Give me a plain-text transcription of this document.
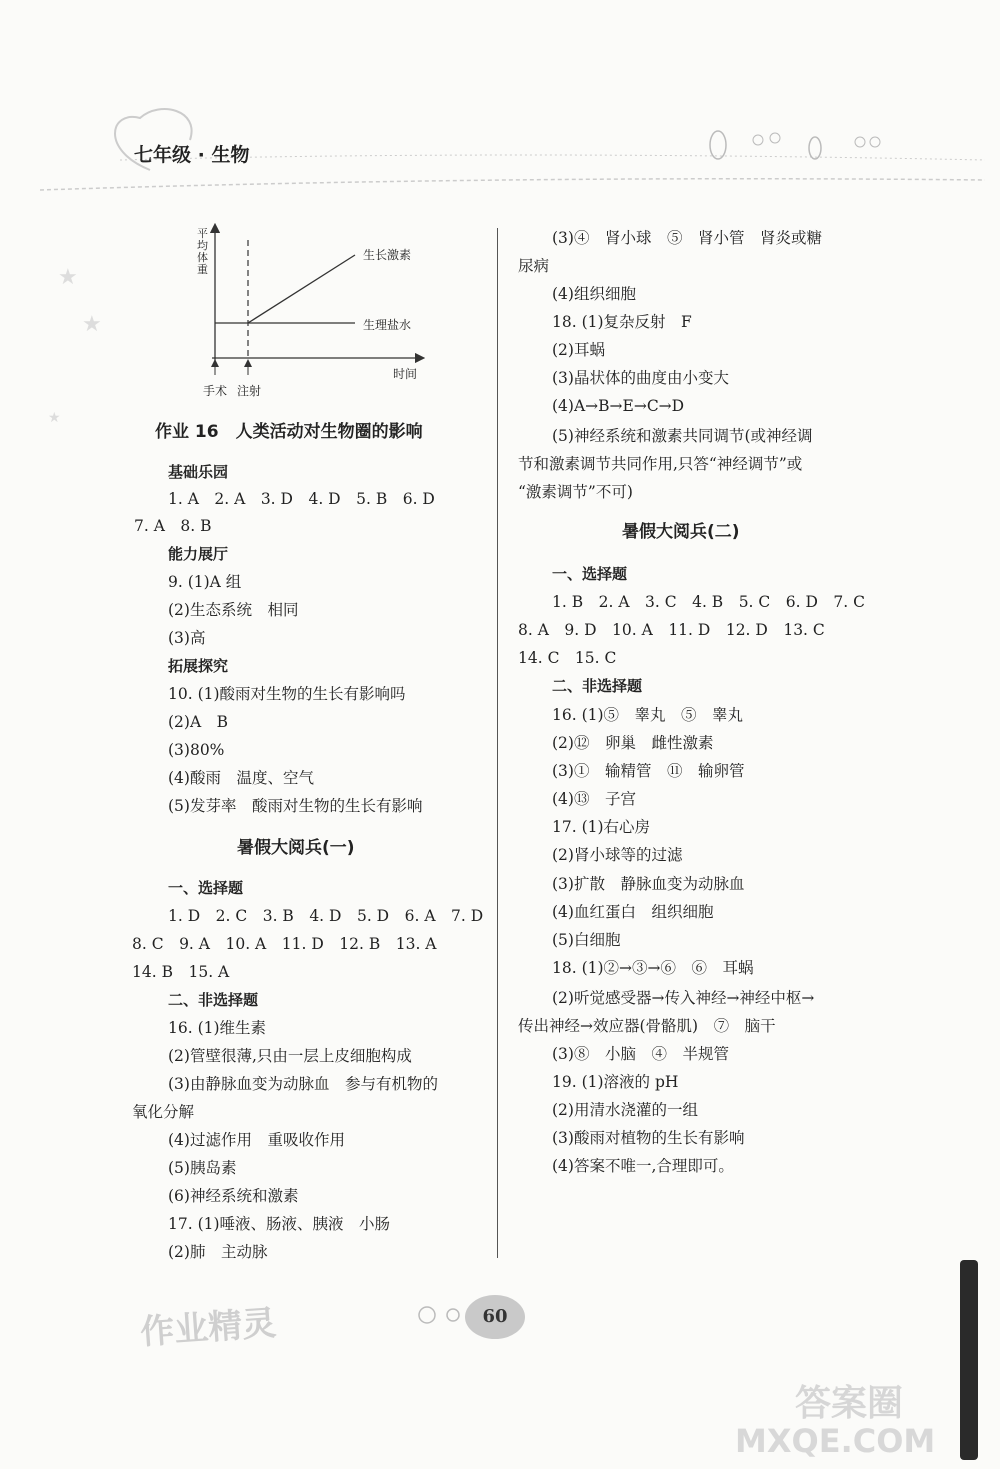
七年级 · 生物
★
★
★
平均体重
生长激素
生理盐水
时间
手术 注射
作业 16　人类活动对生物圈的影响
基础乐园
1. A　2. A　3. D　4. D　5. B　6. D
7. A　8. B
能力展厅
9. (1)A 组
(2)生态系统　相同
(3)高
拓展探究
10. (1)酸雨对生物的生长有影响吗
(2)A　B
(3)80%
(4)酸雨　温度、空气
(5)发芽率　酸雨对生物的生长有影响
暑假大阅兵(一)
一、选择题
1. D　2. C　3. B　4. D　5. D　6. A　7. D
8. C　9. A　10. A　11. D　12. B　13. A
14. B　15. A
二、非选择题
16. (1)维生素
(2)管壁很薄,只由一层上皮细胞构成
(3)由静脉血变为动脉血　参与有机物的
氧化分解
(4)过滤作用　重吸收作用
(5)胰岛素
(6)神经系统和激素
17. (1)唾液、肠液、胰液　小肠
(2)肺　主动脉
(3)④　肾小球　⑤　肾小管　肾炎或糖
尿病
(4)组织细胞
18. (1)复杂反射　F
(2)耳蜗
(3)晶状体的曲度由小变大
(4)A→B→E→C→D
(5)神经系统和激素共同调节(或神经调
节和激素调节共同作用,只答“神经调节”或
“激素调节”不可)
暑假大阅兵(二)
一、选择题
1. B　2. A　3. C　4. B　5. C　6. D　7. C
8. A　9. D　10. A　11. D　12. D　13. C
14. C　15. C
二、非选择题
16. (1)⑤　睾丸　⑤　睾丸
(2)⑫　卵巢　雌性激素
(3)①　输精管　⑪　输卵管
(4)⑬　子宫
17. (1)右心房
(2)肾小球等的过滤
(3)扩散　静脉血变为动脉血
(4)血红蛋白　组织细胞
(5)白细胞
18. (1)②→③→⑥　⑥　耳蜗
(2)听觉感受器→传入神经→神经中枢→
传出神经→效应器(骨骼肌)　⑦　脑干
(3)⑧　小脑　④　半规管
19. (1)溶液的 pH
(2)用清水浇灌的一组
(3)酸雨对植物的生长有影响
(4)答案不唯一,合理即可。
60
作业精灵
答案圈
MXQE.COM
